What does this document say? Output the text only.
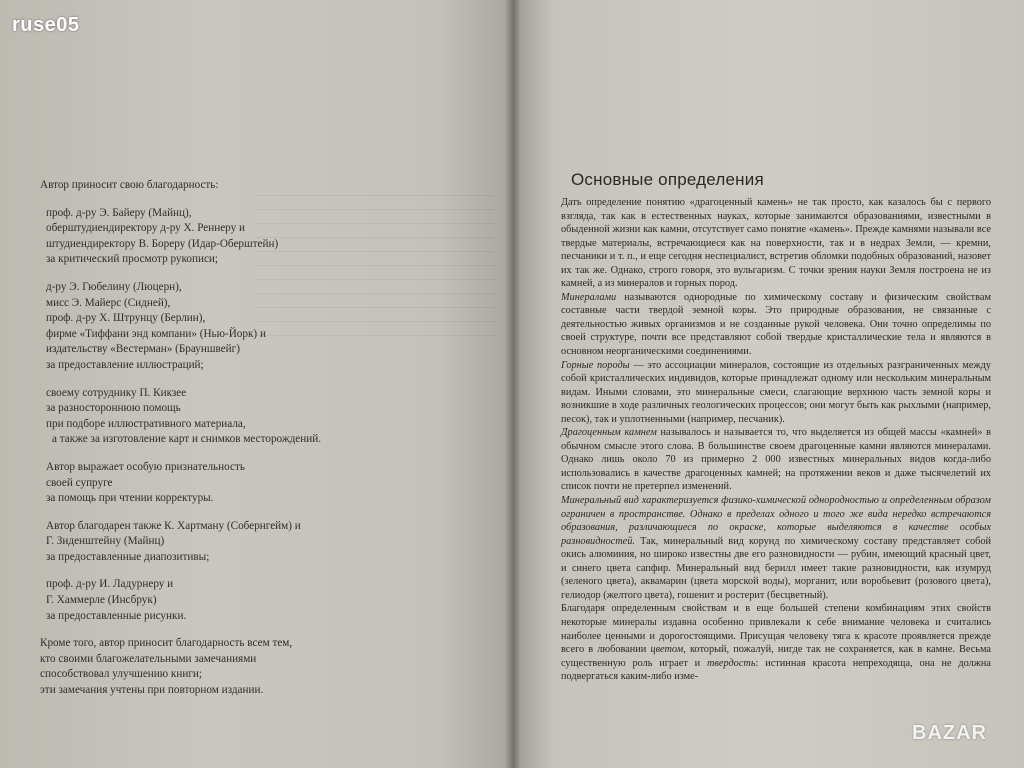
Автор приносит свою благодарность:
проф. д-ру Э. Байеру (Майнц),
оберштудиендиректору д-ру Х. Реннеру и
штудиендиректору В. Бореру (Идар-Оберштейн)
за критический просмотр рукописи;
д-ру Э. Гюбелину (Люцерн),
мисс Э. Майерс (Сидней),
проф. д-ру Х. Штрунцу (Берлин),
фирме «Тиффани энд компани» (Нью-Йорк) и
издательству «Вестерман» (Брауншвейг)
за предоставление иллюстраций;
своему сотруднику П. Кикзее
за разностороннюю помощь
при подборе иллюстративного материала,
а также за изготовление карт и снимков месторождений.
Автор выражает особую признательность
своей супруге
за помощь при чтении корректуры.
Автор благодарен также К. Хартману (Собернгейм) и
Г. Зиденштейну (Майнц)
за предоставленные диапозитивы;
проф. д-ру И. Ладурнеру и
Г. Хаммерле (Инсбрук)
за предоставленные рисунки.
Кроме того, автор приносит благодарность всем тем,
кто своими благожелательными замечаниями
способствовал улучшению книги;
эти замечания учтены при повторном издании.
ruse05
Основные определения

Дать определение понятию «драгоценный камень» не так просто, как казалось бы с первого взгляда, так как в естественных науках, которые занимаются образованиями, известными в обыденной жизни как камни, отсутствует само понятие «камень». Прежде камнями называли все твердые материалы, встречающиеся как на поверхности, так и в недрах Земли, — кремни, песчаники и т. п., и еще сегодня неспециалист, встретив обломки подобных образований, назовет их так же. Однако, строго говоря, это вульгаризм. С точки зрения науки Земля построена не из камней, а из минералов и горных пород.

Минералами называются однородные по химическому составу и физическим свойствам составные части твердой земной коры. Это природные образования, не связанные с деятельностью живых организмов и не созданные рукой человека. Они точно определимы по своей структуре, почти все представляют собой твердые кристаллические тела и являются в основном неорганическими соединениями.

Горные породы — это ассоциации минералов, состоящие из отдельных разграниченных между собой кристаллических индивидов, которые принадлежат одному или нескольким минеральным видам. Иными словами, это минеральные смеси, слагающие верхнюю часть земной коры и возникшие в ходе различных геологических процессов; они могут быть как рыхлыми (например, песок), так и уплотненными (например, песчаник).

Драгоценным камнем называлось и называется то, что выделяется из общей массы «камней» в обычном смысле этого слова. В большинстве своем драгоценные камни являются минералами. Однако лишь около 70 из примерно 2 000 известных минеральных видов когда-либо использовались в качестве драгоценных камней; на протяжении веков и даже тысячелетий их список почти не претерпел изменений.

Минеральный вид характеризуется физико-химической однородностью и определенным образом ограничен в пространстве. Однако в пределах одного и того же вида нередко встречаются образования, различающиеся по окраске, которые выделяются в качестве особых разновидностей. Так, минеральный вид корунд по химическому составу представляет собой окись алюминия, но широко известны две его разновидности — рубин, имеющий красный цвет, и синего цвета сапфир. Минеральный вид берилл имеет такие разновидности, как изумруд (зеленого цвета), аквамарин (цвета морской воды), морганит, или воробьевит (розового цвета), гелиодор (желтого цвета), гошенит и ростерит (бесцветный).

Благодаря определенным свойствам и в еще большей степени комбинациям этих свойств некоторые минералы издавна особенно привлекали к себе внимание человека и считались наиболее ценными и дорогостоящими. Присущая человеку тяга к красоте проявляется прежде всего в любовании цветом, который, пожалуй, нигде так не сохраняется, как в камне. Весьма существенную роль играет и твердость: истинная красота непреходяща, она не должна подвергаться каким-либо изме-

BAZAR
